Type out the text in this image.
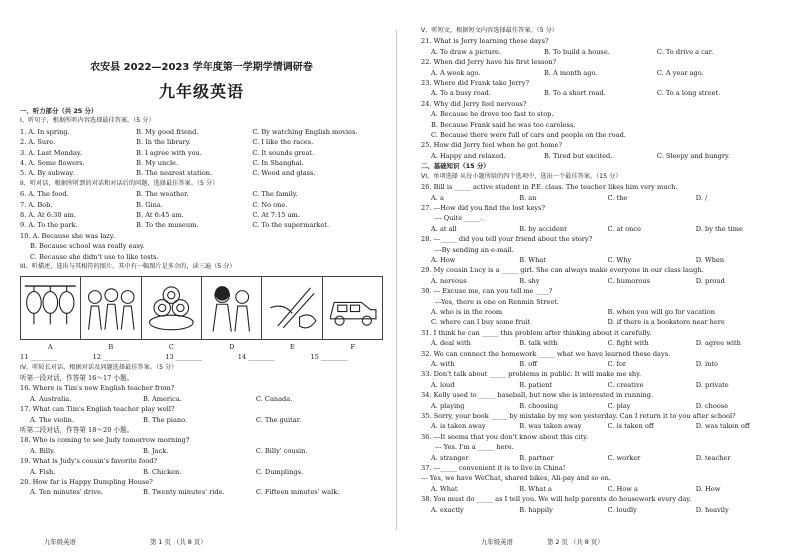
农安县 2022—2023 学年度第一学期学情调研卷
九年级英语
一、听力部分（共 25 分）
I、听句子，根据所听内容选择最佳答案。（5 分）
1. A. In spring.	B. My good friend.	C. By watching English movies.
2. A. Sure.	B. In the library.	C. I like the races.
3. A. Last Monday.	B. I agree with you.	C. It sounds great.
4. A. Some flowers.	B. My uncle.	C. In Shanghai.
5. A. By subway.	B. The nearest station.	C. Wood and glass.
II、听对话，根据所听到的对话和对话后的问题，选择最佳答案。（5 分）
6. A. The food.	B. The weather.	C. The family.
7. A. Bob.	B. Gina.	C. No one.
8. A. At 6:30 am.	B. At 6:45 am.	C. At 7:15 am.
9. A. To the park.	B. To the museum.	C. To the supermarket.
10. A. Because she was lazy.
B. Because school was really easy.
C. Because she didn't use to like tests.
III、听描述，选出与其相符的图片，其中有一幅图片是多余的，读三遍（5 分）
A	B	C	D	E	F
11 ________	12 ________	13 ________	14 ________	15 ________
IV、听较长对话，根据对话及问题选择最佳答案。（5 分）
听第一段对话，作答第 16～17 小题。
16. Where is Tim's new English teacher from?
A. Australia.	B. America.	C. Canada.
17. What can Tim's English teacher play well?
A. The violin.	B. The piano.	C. The guitar.
听第二段对话，作答第 18～20 小题。
18. Who is coming to see Judy tomorrow morning?
A. Billy.	B. Jack.	C. Billy' cousin.
19. What is Judy's cousin's favorite food?
A. Fish.	B. Chicken.	C. Dumplings.
20. How far is Happy Dumpling House?
A. Ten minutes' drive.	B. Twenty minutes' ride.	C. Fifteen minutes' walk.
九年级英语	第 1 页 （共 8 页）
V、听短文，根据短文内容选择最佳答案。（5 分）
21. What is Jerry learning these days?
A. To draw a picture.	B. To build a house.	C. To drive a car.
22. When did Jerry have his first lesson?
A. A week ago.	B. A month ago.	C. A year ago.
23. Where did Frank take Jerry?
A. To a busy road.	B. To a short road.	C. To a long street.
24. Why did Jerry feel nervous?
A. Because he drove too fast to stop.
B. Because Frank said he was too careless.
C. Because there were full of cars and people on the road.
25. How did Jerry feel when he got home?
A. Happy and relaxed.	B. Tired but excited.	C. Sleepy and hungry.
二、基础知识（15 分）
VI、单项选择 从每小题所给的四个选项中，选出一个最佳答案。（15 分）
26. Bill is _____ active student in P.E. class. The teacher likes him very much.
A. a	B. an	C. the	D. /
27. ---How did you find the lost keys?
--- Quite _____.
A. at all	B. by accident	C. at once	D. by the time
28. ---_____ did you tell your friend about the story?
---By sending an e-mail.
A. How	B. What	C. Why	D. When
29. My cousin Lucy is a _____ girl. She can always make everyone in our class laugh.
A. nervous	B. shy	C. humorous	D. proud
30. --- Excuse me, can you tell me ____?
---Yes, there is one on Renmin Street.
A. who is in the room	B. when you will go for vacation
C. where can I buy some fruit	D. if there is a bookstore near here
31. I think he can _____ this problem after thinking about it carefully.
A. deal with	B. talk with	C. fight with	D. agree with
32. We can connect the homework _____ what we have learned these days.
A. with	B. off	C. for	D. into
33. Don't talk about _____ problems in public. It will make me shy.
A. loud	B. patient	C. creative	D. private
34. Kelly used to _____ baseball, but now she is interested in running.
A. playing	B. choosing	C. play	D. choose
35. Sorry, your book _____ by mistake by my son yesterday. Can I return it to you after school?
A. is taken away	B. was taken away	C. is taken off	D. was taken off
36. ---It seems that you don't know about this city.
--- Yes. I'm a _____ here.
A. stranger	B. partner	C. worker	D. teacher
37. ---_____ convenient it is to live in China!
--- Yes, we have WeChat, shared bikes, Ali-pay and so on.
A. What	B. What a	C. How a	D. How
38. You must do _____ as I tell you. We will help parents do housework every day.
A. exactly	B. happily	C. loudly	D. heavily
九年级英语	第 2 页 （共 8 页）
